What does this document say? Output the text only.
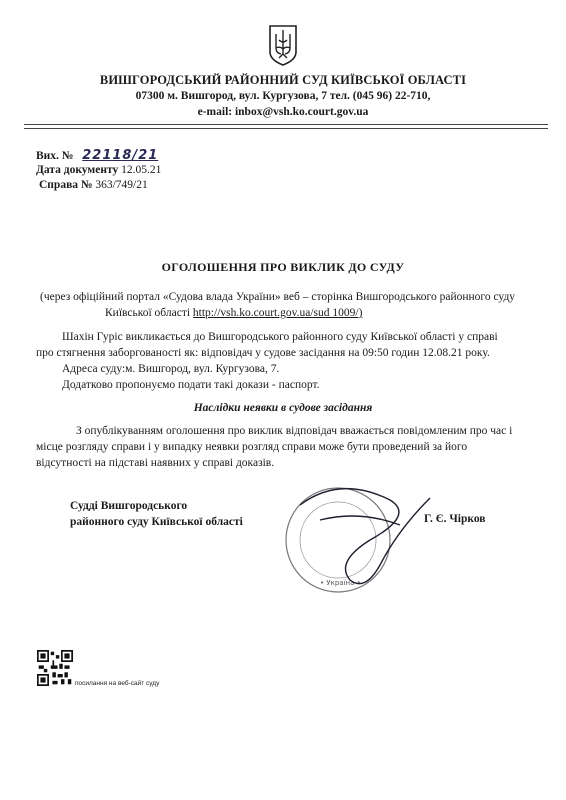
ВИШГОРОДСЬКИЙ РАЙОННИЙ СУД КИЇВСЬКОЇ ОБЛАСТІ
07300 м. Вишгород, вул. Кургузова, 7 тел. (045 96) 22-710,
e-mail: inbox@vsh.ko.court.gov.ua
Вих. № 22118/21
Дата документу 12.05.21
Справа № 363/749/21
ОГОЛОШЕННЯ ПРО ВИКЛИК ДО СУДУ
(через офіційний портал «Судова влада України» веб – сторінка Вишгородського районного суду
Київської області http://vsh.ko.court.gov.ua/sud 1009/)
Шахін Гуріс викликається до Вишгородського районного суду Київської області у справі
про стягнення заборгованості як: відповідач у судове засідання на 09:50 годин 12.08.21 року.
Адреса суду:м. Вишгород, вул. Кургузова, 7.
Додатково пропонуємо подати такі докази - паспорт.
Наслідки неявки в судове засідання
З опублікуванням оголошення про виклик відповідач вважається повідомленим про час і
місце розгляду справи і у випадку неявки розгляд справи може бути проведений за його
відсутності на підставі наявних у справі доказів.
Судді Вишгородського
районного суду Київської області
• Україна •
Г. Є. Чірков
посилання на веб-сайт суду
